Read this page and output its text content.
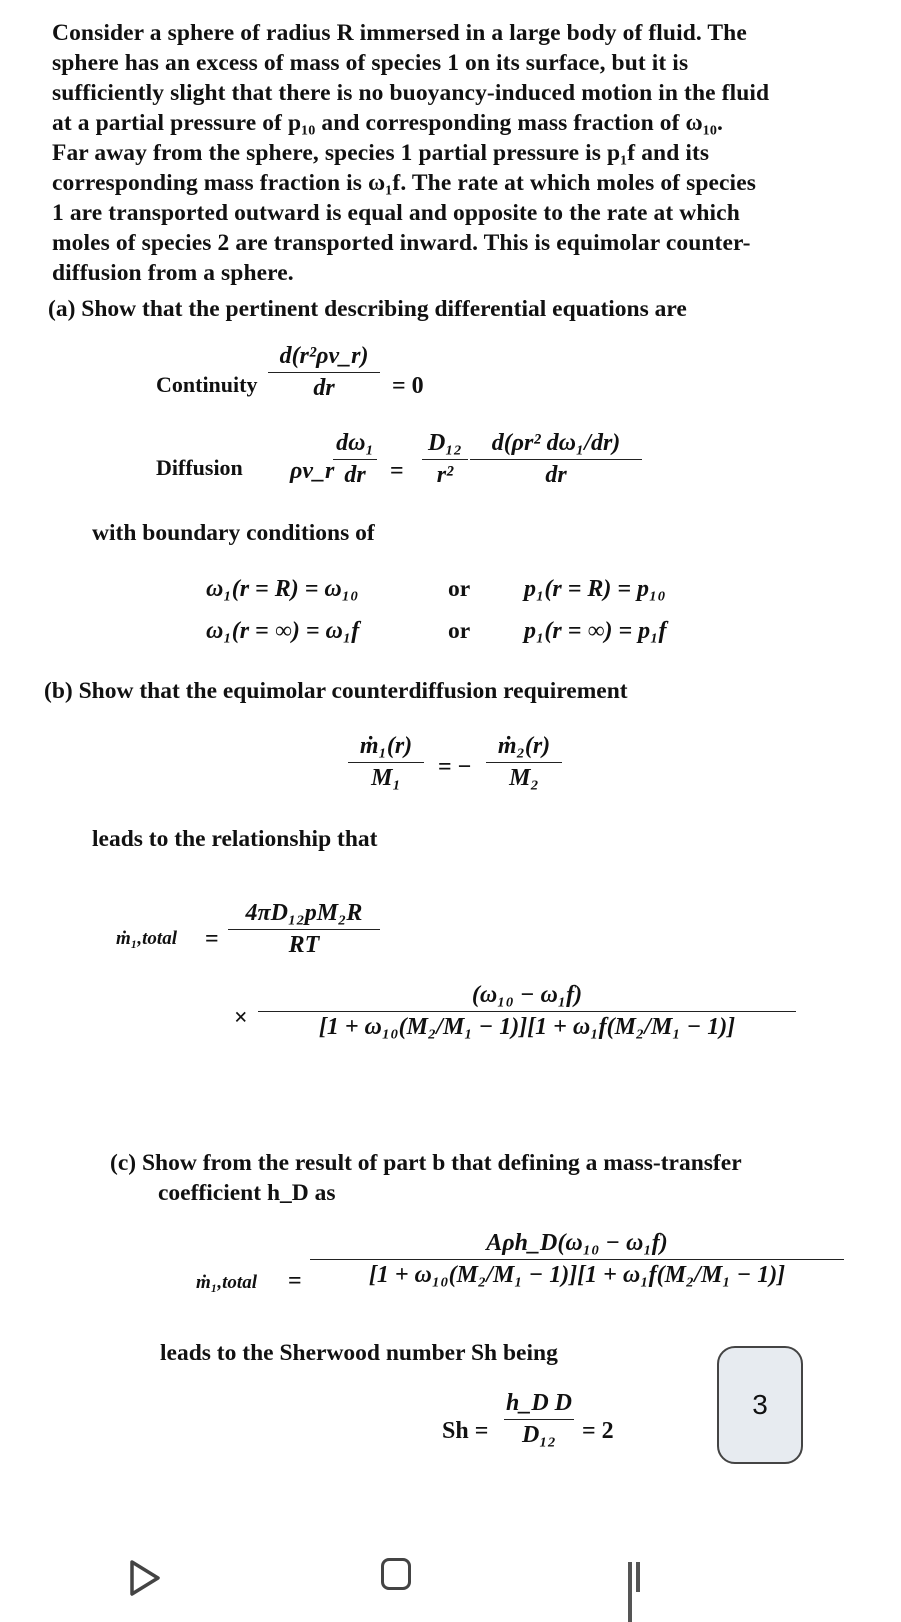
Consider a sphere of radius R immersed in a large body of fluid. The
sphere has an excess of mass of species 1 on its surface, but it is
sufficiently slight that there is no buoyancy-induced motion in the fluid
at a partial pressure of p₁₀ and corresponding mass fraction of ω₁₀.
Far away from the sphere, species 1 partial pressure is p₁f and its
corresponding mass fraction is ω₁f. The rate at which moles of species
1 are transported outward is equal and opposite to the rate at which
moles of species 2 are transported inward. This is equimolar counter-
diffusion from a sphere.
(a) Show that the pertinent describing differential equations are
Continuity
d(r²ρv_r)
dr	= 0
Diffusion ρv_r
dω₁
dr	=
D₁₂
r²
d(ρr² dω₁/dr)
dr
with boundary conditions of
ω₁(r = R) = ω₁₀	or p₁(r = R) = p₁₀
ω₁(r = ∞) = ω₁f	or p₁(r = ∞) = p₁f
(b) Show that the equimolar counterdiffusion requirement
ṁ₁(r)
M₁	= −
ṁ₂(r)
M₂
leads to the relationship that
ṁ₁,total =
4πD₁₂pM₂R
RT
×
(ω₁₀ − ω₁f)
[1 + ω₁₀(M₂/M₁ − 1)][1 + ω₁f(M₂/M₁ − 1)]
(c) Show from the result of part b that defining a mass-transfer
coefficient h_D as
ṁ₁,total =
Aρh_D(ω₁₀ − ω₁f)
[1 + ω₁₀(M₂/M₁ − 1)][1 + ω₁f(M₂/M₁ − 1)]
leads to the Sherwood number Sh being
Sh =
h_D D
D₁₂	= 2
3
